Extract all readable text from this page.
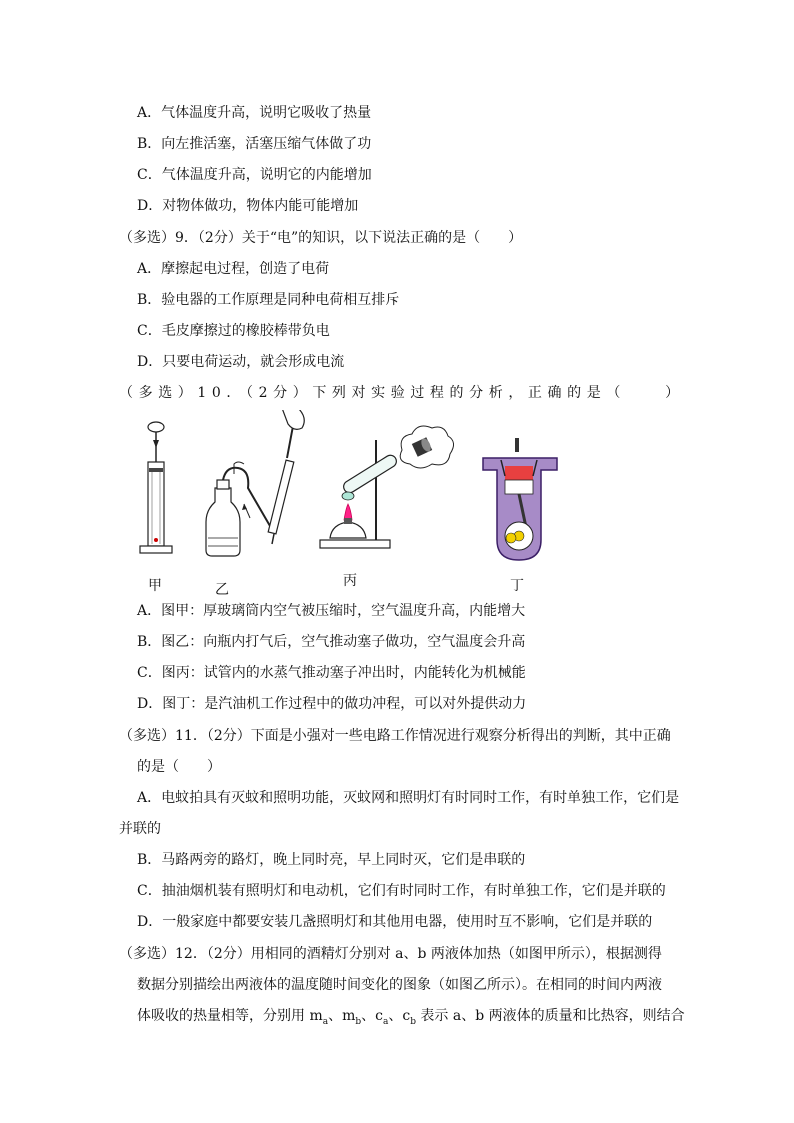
A．气体温度升高，说明它吸收了热量
B．向左推活塞，活塞压缩气体做了功
C．气体温度升高，说明它的内能增加
D．对物体做功，物体内能可能增加
（多选）9．（2分）关于“电”的知识，以下说法正确的是（　　）
A．摩擦起电过程，创造了电荷
B．验电器的工作原理是同种电荷相互排斥
C．毛皮摩擦过的橡胶棒带负电
D．只要电荷运动，就会形成电流
（多选）10．（2分）下列对实验过程的分析，正确的是（　　）
甲	乙
丙	丁
A．图甲：厚玻璃筒内空气被压缩时，空气温度升高，内能增大
B．图乙：向瓶内打气后，空气推动塞子做功，空气温度会升高
C．图丙：试管内的水蒸气推动塞子冲出时，内能转化为机械能
D．图丁：是汽油机工作过程中的做功冲程，可以对外提供动力
（多选）11．（2分）下面是小强对一些电路工作情况进行观察分析得出的判断，其中正确
的是（　　）
A．电蚊拍具有灭蚊和照明功能，灭蚊网和照明灯有时同时工作，有时单独工作，它们是
并联的
B．马路两旁的路灯，晚上同时亮，早上同时灭，它们是串联的
C．抽油烟机装有照明灯和电动机，它们有时同时工作，有时单独工作，它们是并联的
D．一般家庭中都要安装几盏照明灯和其他用电器，使用时互不影响，它们是并联的
（多选）12．（2分）用相同的酒精灯分别对 a、b 两液体加热（如图甲所示），根据测得
数据分别描绘出两液体的温度随时间变化的图象（如图乙所示）。在相同的时间内两液
体吸收的热量相等，分别用 $m_a$、$m_b$、$c_a$、$c_b$ 表示 a、b 两液体的质量和比热容，则结合
